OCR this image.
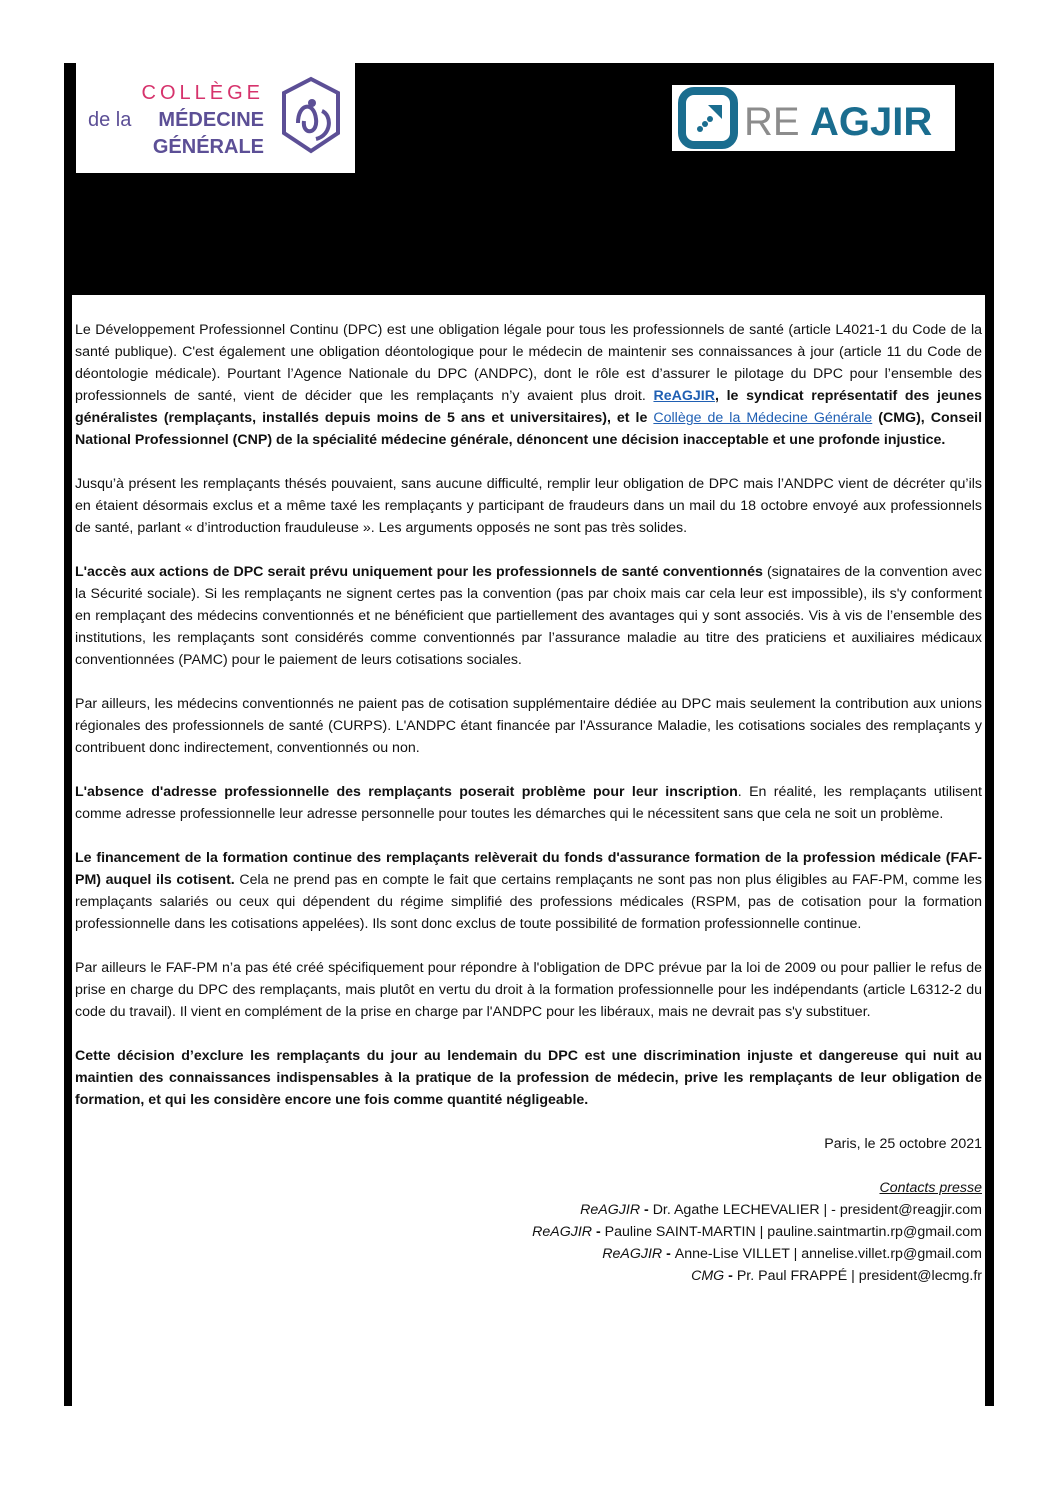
COLLÈGE
de la MÉDECINE
GÉNÉRALE
RE AGJIR

Le Développement Professionnel Continu (DPC) est une obligation légale pour tous les professionnels de santé (article L4021-1 du Code de la santé publique). C'est également une obligation déontologique pour le médecin de maintenir ses connaissances à jour (article 11 du Code de déontologie médicale). Pourtant l’Agence Nationale du DPC (ANDPC), dont le rôle est d’assurer le pilotage du DPC pour l’ensemble des professionnels de santé, vient de décider que les remplaçants n’y avaient plus droit. ReAGJIR, le syndicat représentatif des jeunes généralistes (remplaçants, installés depuis moins de 5 ans et universitaires), et le Collège de la Médecine Générale (CMG), Conseil National Professionnel (CNP) de la spécialité médecine générale, dénoncent une décision inacceptable et une profonde injustice.

Jusqu’à présent les remplaçants thésés pouvaient, sans aucune difficulté, remplir leur obligation de DPC mais l’ANDPC vient de décréter qu’ils en étaient désormais exclus et a même taxé les remplaçants y participant de fraudeurs dans un mail du 18 octobre envoyé aux professionnels de santé, parlant « d’introduction frauduleuse ». Les arguments opposés ne sont pas très solides.

L'accès aux actions de DPC serait prévu uniquement pour les professionnels de santé conventionnés (signataires de la convention avec la Sécurité sociale). Si les remplaçants ne signent certes pas la convention (pas par choix mais car cela leur est impossible), ils s'y conforment en remplaçant des médecins conventionnés et ne bénéficient que partiellement des avantages qui y sont associés. Vis à vis de l’ensemble des institutions, les remplaçants sont considérés comme conventionnés par l’assurance maladie au titre des praticiens et auxiliaires médicaux conventionnées (PAMC) pour le paiement de leurs cotisations sociales.

Par ailleurs, les médecins conventionnés ne paient pas de cotisation supplémentaire dédiée au DPC mais seulement la contribution aux unions régionales des professionnels de santé (CURPS). L'ANDPC étant financée par l'Assurance Maladie, les cotisations sociales des remplaçants y contribuent donc indirectement, conventionnés ou non.

L'absence d'adresse professionnelle des remplaçants poserait problème pour leur inscription. En réalité, les remplaçants utilisent comme adresse professionnelle leur adresse personnelle pour toutes les démarches qui le nécessitent sans que cela ne soit un problème.

Le financement de la formation continue des remplaçants relèverait du fonds d'assurance formation de la profession médicale (FAF-PM) auquel ils cotisent. Cela ne prend pas en compte le fait que certains remplaçants ne sont pas non plus éligibles au FAF-PM, comme les remplaçants salariés ou ceux qui dépendent du régime simplifié des professions médicales (RSPM, pas de cotisation pour la formation professionnelle dans les cotisations appelées). Ils sont donc exclus de toute possibilité de formation professionnelle continue.

Par ailleurs le FAF-PM n’a pas été créé spécifiquement pour répondre à l'obligation de DPC prévue par la loi de 2009 ou pour pallier le refus de prise en charge du DPC des remplaçants, mais plutôt en vertu du droit à la formation professionnelle pour les indépendants (article L6312-2 du code du travail). Il vient en complément de la prise en charge par l'ANDPC pour les libéraux, mais ne devrait pas s'y substituer.

Cette décision d’exclure les remplaçants du jour au lendemain du DPC est une discrimination injuste et dangereuse qui nuit au maintien des connaissances indispensables à la pratique de la profession de médecin, prive les remplaçants de leur obligation de formation, et qui les considère encore une fois comme quantité négligeable.

Paris, le 25 octobre 2021

Contacts presse
ReAGJIR - Dr. Agathe LECHEVALIER | - president@reagjir.com
ReAGJIR - Pauline SAINT-MARTIN | pauline.saintmartin.rp@gmail.com
ReAGJIR - Anne-Lise VILLET | annelise.villet.rp@gmail.com
CMG - Pr. Paul FRAPPÉ | president@lecmg.fr
